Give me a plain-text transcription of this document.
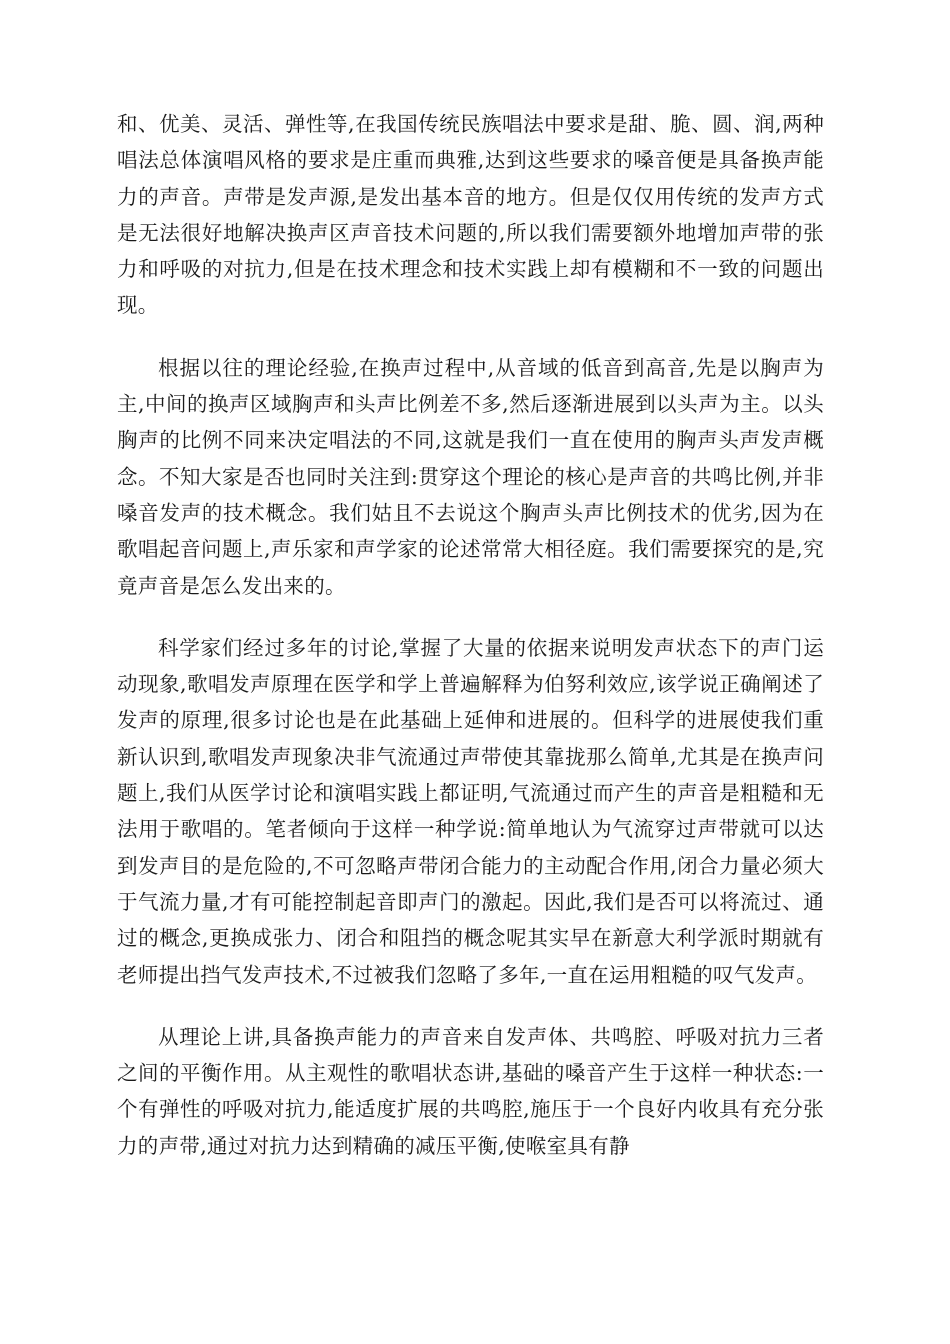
和、优美、灵活、弹性等,在我国传统民族唱法中要求是甜、脆、圆、润,两种唱法总体演唱风格的要求是庄重而典雅,达到这些要求的嗓音便是具备换声能力的声音。声带是发声源,是发出基本音的地方。但是仅仅用传统的发声方式是无法很好地解决换声区声音技术问题的,所以我们需要额外地增加声带的张力和呼吸的对抗力,但是在技术理念和技术实践上却有模糊和不一致的问题出现。

根据以往的理论经验,在换声过程中,从音域的低音到高音,先是以胸声为主,中间的换声区域胸声和头声比例差不多,然后逐渐进展到以头声为主。以头胸声的比例不同来决定唱法的不同,这就是我们一直在使用的胸声头声发声概念。不知大家是否也同时关注到:贯穿这个理论的核心是声音的共鸣比例,并非嗓音发声的技术概念。我们姑且不去说这个胸声头声比例技术的优劣,因为在歌唱起音问题上,声乐家和声学家的论述常常大相径庭。我们需要探究的是,究竟声音是怎么发出来的。

科学家们经过多年的讨论,掌握了大量的依据来说明发声状态下的声门运动现象,歌唱发声原理在医学和学上普遍解释为伯努利效应,该学说正确阐述了发声的原理,很多讨论也是在此基础上延伸和进展的。但科学的进展使我们重新认识到,歌唱发声现象决非气流通过声带使其靠拢那么简单,尤其是在换声问题上,我们从医学讨论和演唱实践上都证明,气流通过而产生的声音是粗糙和无法用于歌唱的。笔者倾向于这样一种学说:简单地认为气流穿过声带就可以达到发声目的是危险的,不可忽略声带闭合能力的主动配合作用,闭合力量必须大于气流力量,才有可能控制起音即声门的激起。因此,我们是否可以将流过、通过的概念,更换成张力、闭合和阻挡的概念呢其实早在新意大利学派时期就有老师提出挡气发声技术,不过被我们忽略了多年,一直在运用粗糙的叹气发声。

从理论上讲,具备换声能力的声音来自发声体、共鸣腔、呼吸对抗力三者之间的平衡作用。从主观性的歌唱状态讲,基础的嗓音产生于这样一种状态:一个有弹性的呼吸对抗力,能适度扩展的共鸣腔,施压于一个良好内收具有充分张力的声带,通过对抗力达到精确的减压平衡,使喉室具有静
